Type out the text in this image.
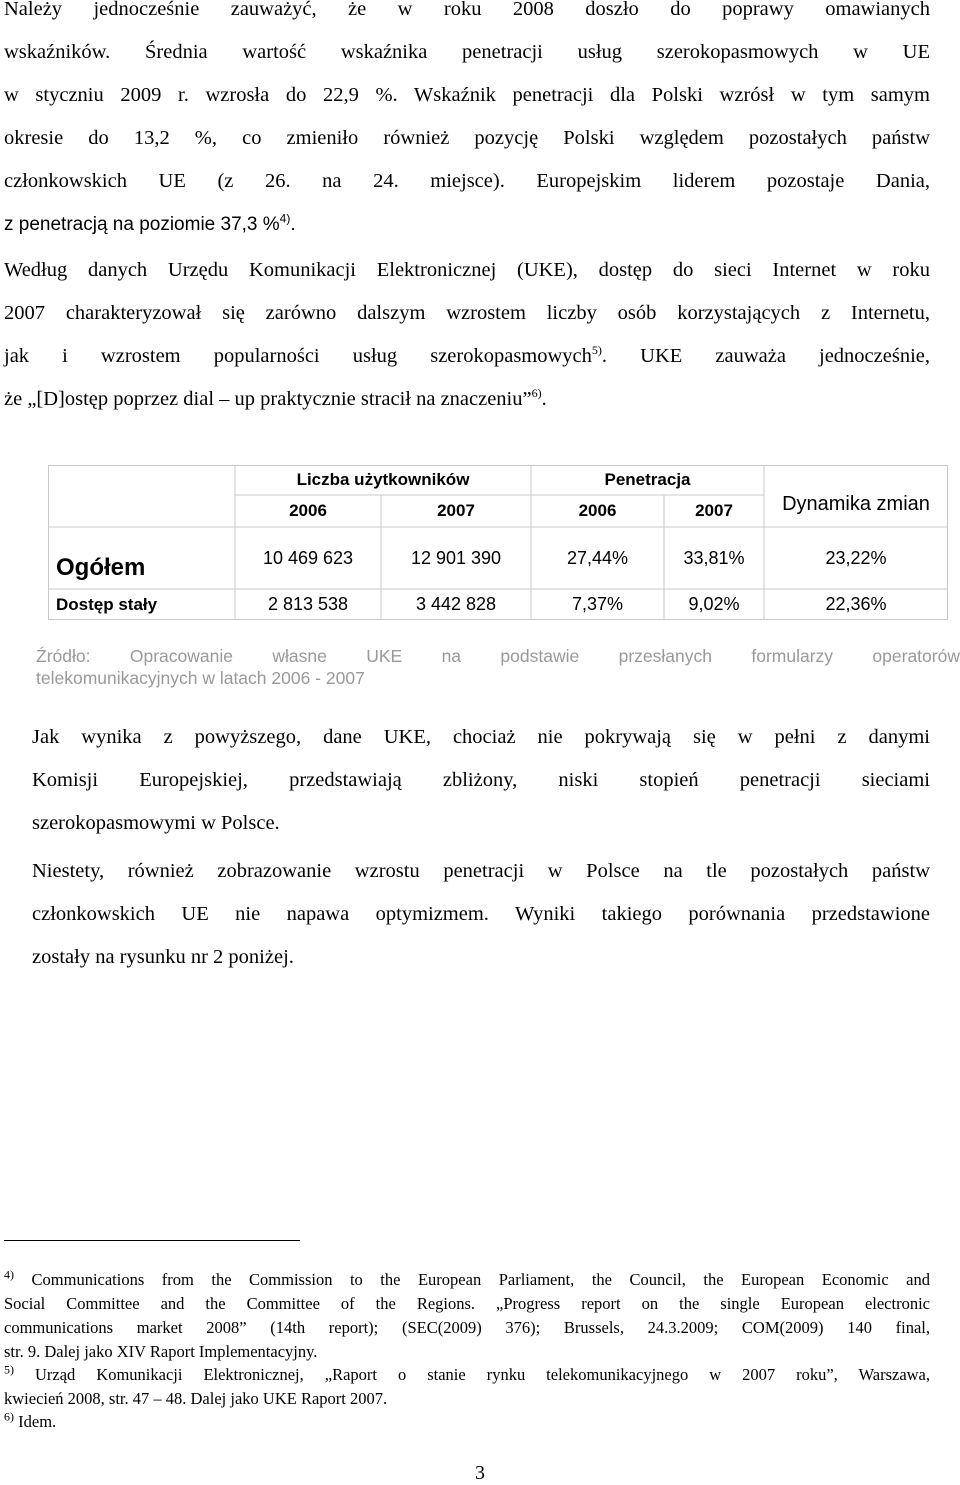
Należy jednocześnie zauważyć, że w roku 2008 doszło do poprawy omawianych
wskaźników. Średnia wartość wskaźnika penetracji usług szerokopasmowych w UE
w styczniu 2009 r. wzrosła do 22,9 %. Wskaźnik penetracji dla Polski wzrósł w tym samym
okresie do 13,2 %, co zmieniło również pozycję Polski względem pozostałych państw
członkowskich UE (z 26. na 24. miejsce). Europejskim liderem pozostaje Dania,
z penetracją na poziomie 37,3 %$^{4)}$.
Według danych Urzędu Komunikacji Elektronicznej (UKE), dostęp do sieci Internet w roku
2007 charakteryzował się zarówno dalszym wzrostem liczby osób korzystających z Internetu,
jak i wzrostem popularności usług szerokopasmowych$^{5)}$. UKE zauważa jednocześnie,
że „[D]ostęp poprzez dial – up praktycznie stracił na znaczeniu”$^{6)}$.
Liczba użytkowników	Penetracja
Dynamika zmian
2006	2007	2006	2007
Ogółem	10 469 623	12 901 390	27,44%	33,81%	23,22%
Dostęp stały	2 813 538	3 442 828	7,37%	9,02%	22,36%
Źródło: Opracowanie własne UKE na podstawie przesłanych formularzy operatorów
telekomunikacyjnych w latach 2006 - 2007
Jak wynika z powyższego, dane UKE, chociaż nie pokrywają się w pełni z danymi
Komisji Europejskiej, przedstawiają zbliżony, niski stopień penetracji sieciami
szerokopasmowymi w Polsce.
Niestety, również zobrazowanie wzrostu penetracji w Polsce na tle pozostałych państw
członkowskich UE nie napawa optymizmem. Wyniki takiego porównania przedstawione
zostały na rysunku nr 2 poniżej.
$^{4)}$ Communications from the Commission to the European Parliament, the Council, the European Economic and
Social Committee and the Committee of the Regions. „Progress report on the single European electronic
communications market 2008” (14th report); (SEC(2009) 376); Brussels, 24.3.2009; COM(2009) 140 final,
str. 9. Dalej jako XIV Raport Implementacyjny.
$^{5)}$ Urząd Komunikacji Elektronicznej, „Raport o stanie rynku telekomunikacyjnego w 2007 roku”, Warszawa,
kwiecień 2008, str. 47 – 48. Dalej jako UKE Raport 2007.
$^{6)}$ Idem.
3
